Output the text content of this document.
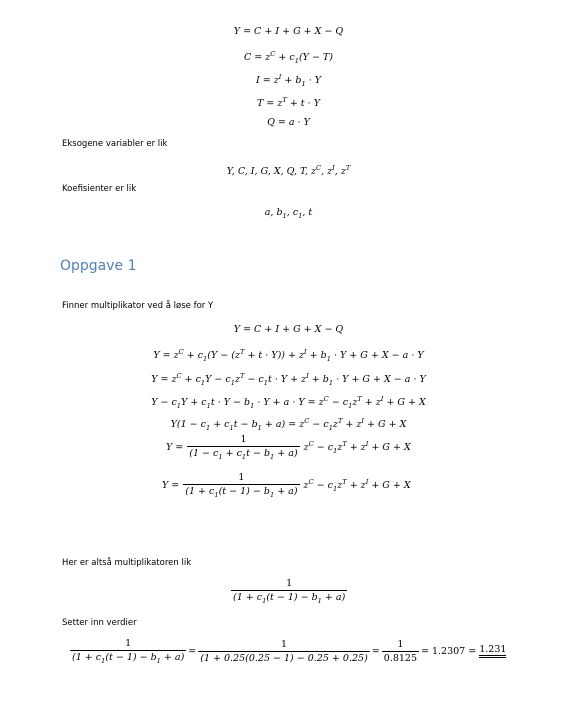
Y = C + I + G + X − Q
$C = z^C + c_1(Y - T)$
$I = z^I + b_1 \cdot Y$
$T = z^T + t \cdot Y$
Q = a · Y
Eksogene variabler er lik
Y, C, I, G, X, Q, T, $z^C$, $z^I$, $z^T$
Koefisienter er lik
a, $b_1$, $c_1$, t
Oppgave 1
Finner multiplikator ved å løse for Y
Y = C + I + G + X − Q
$Y = z^C + c_1(Y - (z^T + t \cdot Y)) + z^I + b_1 \cdot Y + G + X - a \cdot Y$
$Y = z^C + c_1Y - c_1z^T - c_1t \cdot Y + z^I + b_1 \cdot Y + G + X - a \cdot Y$
$Y - c_1Y + c_1t \cdot Y - b_1 \cdot Y + a \cdot Y = z^C - c_1z^T + z^I + G + X$
$Y(1 - c_1 + c_1t - b_1 + a) = z^C - c_1z^T + z^I + G + X$
$Y = \frac{1}{(1 - c_1 + c_1t - b_1 + a)} z^C - c_1z^T + z^I + G + X$
$Y = \frac{1}{(1 + c_1(t - 1) - b_1 + a)} z^C - c_1z^T + z^I + G + X$
Her er altså multiplikatoren lik
$\frac{1}{(1 + c_1(t - 1) - b_1 + a)}$
Setter inn verdier
$\frac{1}{(1 + c_1(t - 1) - b_1 + a)} = \frac{1}{(1 + 0.25(0.25 - 1) - 0.25 + 0.25)} = \frac{1}{0.8125} = 1.2307 = 1.231$
